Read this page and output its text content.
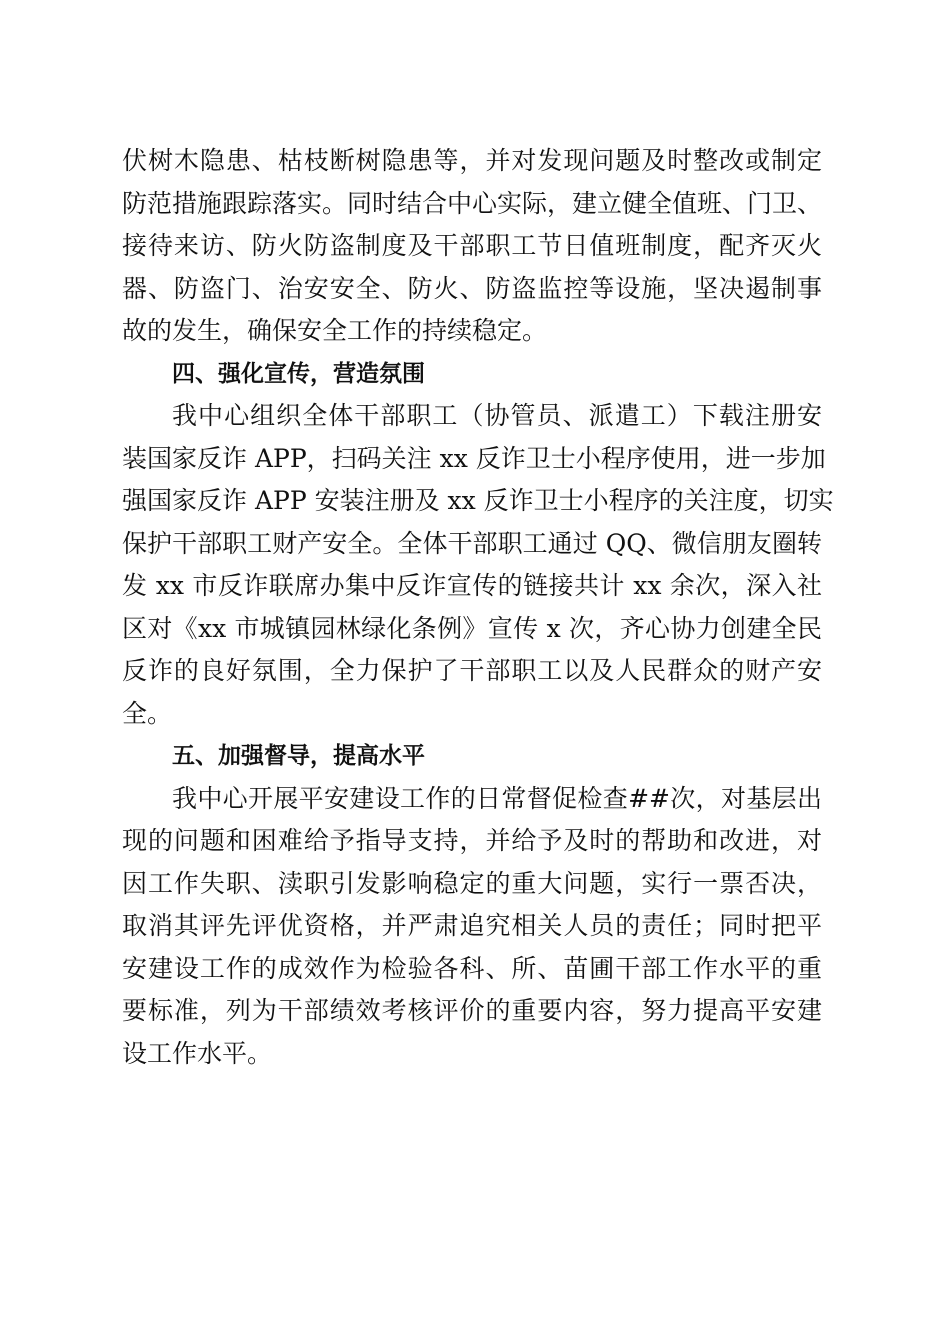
伏树木隐患、枯枝断树隐患等，并对发现问题及时整改或制定
防范措施跟踪落实。同时结合中心实际，建立健全值班、门卫、
接待来访、防火防盗制度及干部职工节日值班制度，配齐灭火
器、防盗门、治安安全、防火、防盗监控等设施，坚决遏制事
故的发生，确保安全工作的持续稳定。
四、强化宣传，营造氛围
我中心组织全体干部职工（协管员、派遣工）下载注册安
装国家反诈 APP，扫码关注 xx 反诈卫士小程序使用，进一步加
强国家反诈 APP 安装注册及 xx 反诈卫士小程序的关注度，切实
保护干部职工财产安全。全体干部职工通过 QQ、微信朋友圈转
发 xx 市反诈联席办集中反诈宣传的链接共计 xx 余次，深入社
区对《xx 市城镇园林绿化条例》宣传 x 次，齐心协力创建全民
反诈的良好氛围，全力保护了干部职工以及人民群众的财产安
全。
五、加强督导，提高水平
我中心开展平安建设工作的日常督促检查##次，对基层出
现的问题和困难给予指导支持，并给予及时的帮助和改进，对
因工作失职、渎职引发影响稳定的重大问题，实行一票否决，
取消其评先评优资格，并严肃追究相关人员的责任；同时把平
安建设工作的成效作为检验各科、所、苗圃干部工作水平的重
要标准，列为干部绩效考核评价的重要内容，努力提高平安建
设工作水平。
